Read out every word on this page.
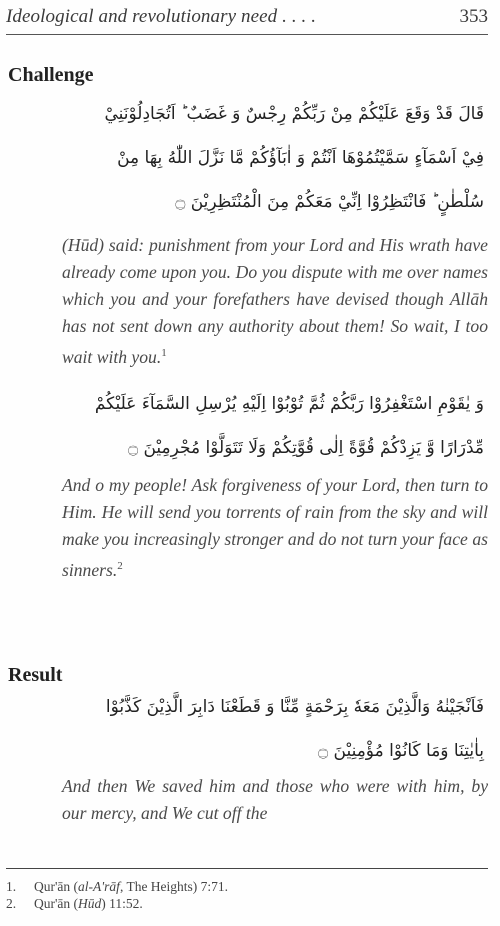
Ideological and revolutionary need . . . .	353
Challenge
قَالَ قَدْ وَقَعَ عَلَيْكُمْ مِنْ رَبِّكُمْ رِجْسٌ وَ غَضَبٌ ؕ اَتُجَادِلُوْنَنِيْ
فِيْ اَسْمَآءٍ سَمَّيْتُمُوْهَا اَنْتُمْ وَ اٰبَآؤُكُمْ مَّا نَزَّلَ اللّٰهُ بِهَا مِنْ
سُلْطٰنٍ ؕ فَانْتَظِرُوْا اِنِّيْ مَعَكُمْ مِنَ الْمُنْتَظِرِيْنَ ۝
(Hūd) said: punishment from your Lord and His wrath have already come upon you. Do you dispute with me over names which you and your forefathers have devised though Allāh has not sent down any authority about them! So wait, I too wait with you.$^1$
وَ يٰقَوْمِ اسْتَغْفِرُوْا رَبَّكُمْ ثُمَّ تُوْبُوْا اِلَيْهِ يُرْسِلِ السَّمَآءَ عَلَيْكُمْ
مِّدْرَارًا وَّ يَزِدْكُمْ قُوَّةً اِلٰى قُوَّتِكُمْ وَلَا تَتَوَلَّوْا مُجْرِمِيْنَ ۝
And o my people! Ask forgiveness of your Lord, then turn to Him. He will send you torrents of rain from the sky and will make you increasingly stronger and do not turn your face as sinners.$^2$
Result
فَاَنْجَيْنٰهُ وَالَّذِيْنَ مَعَهٗ بِرَحْمَةٍ مِّنَّا وَ قَطَعْنَا دَابِرَ الَّذِيْنَ كَذَّبُوْا
بِاٰيٰتِنَا وَمَا كَانُوْا مُؤْمِنِيْنَ ۝
And then We saved him and those who were with him, by our mercy, and We cut off the
1.	Qur'ān (al-A'rāf, The Heights) 7:71.
2.	Qur'ān (Hūd) 11:52.
